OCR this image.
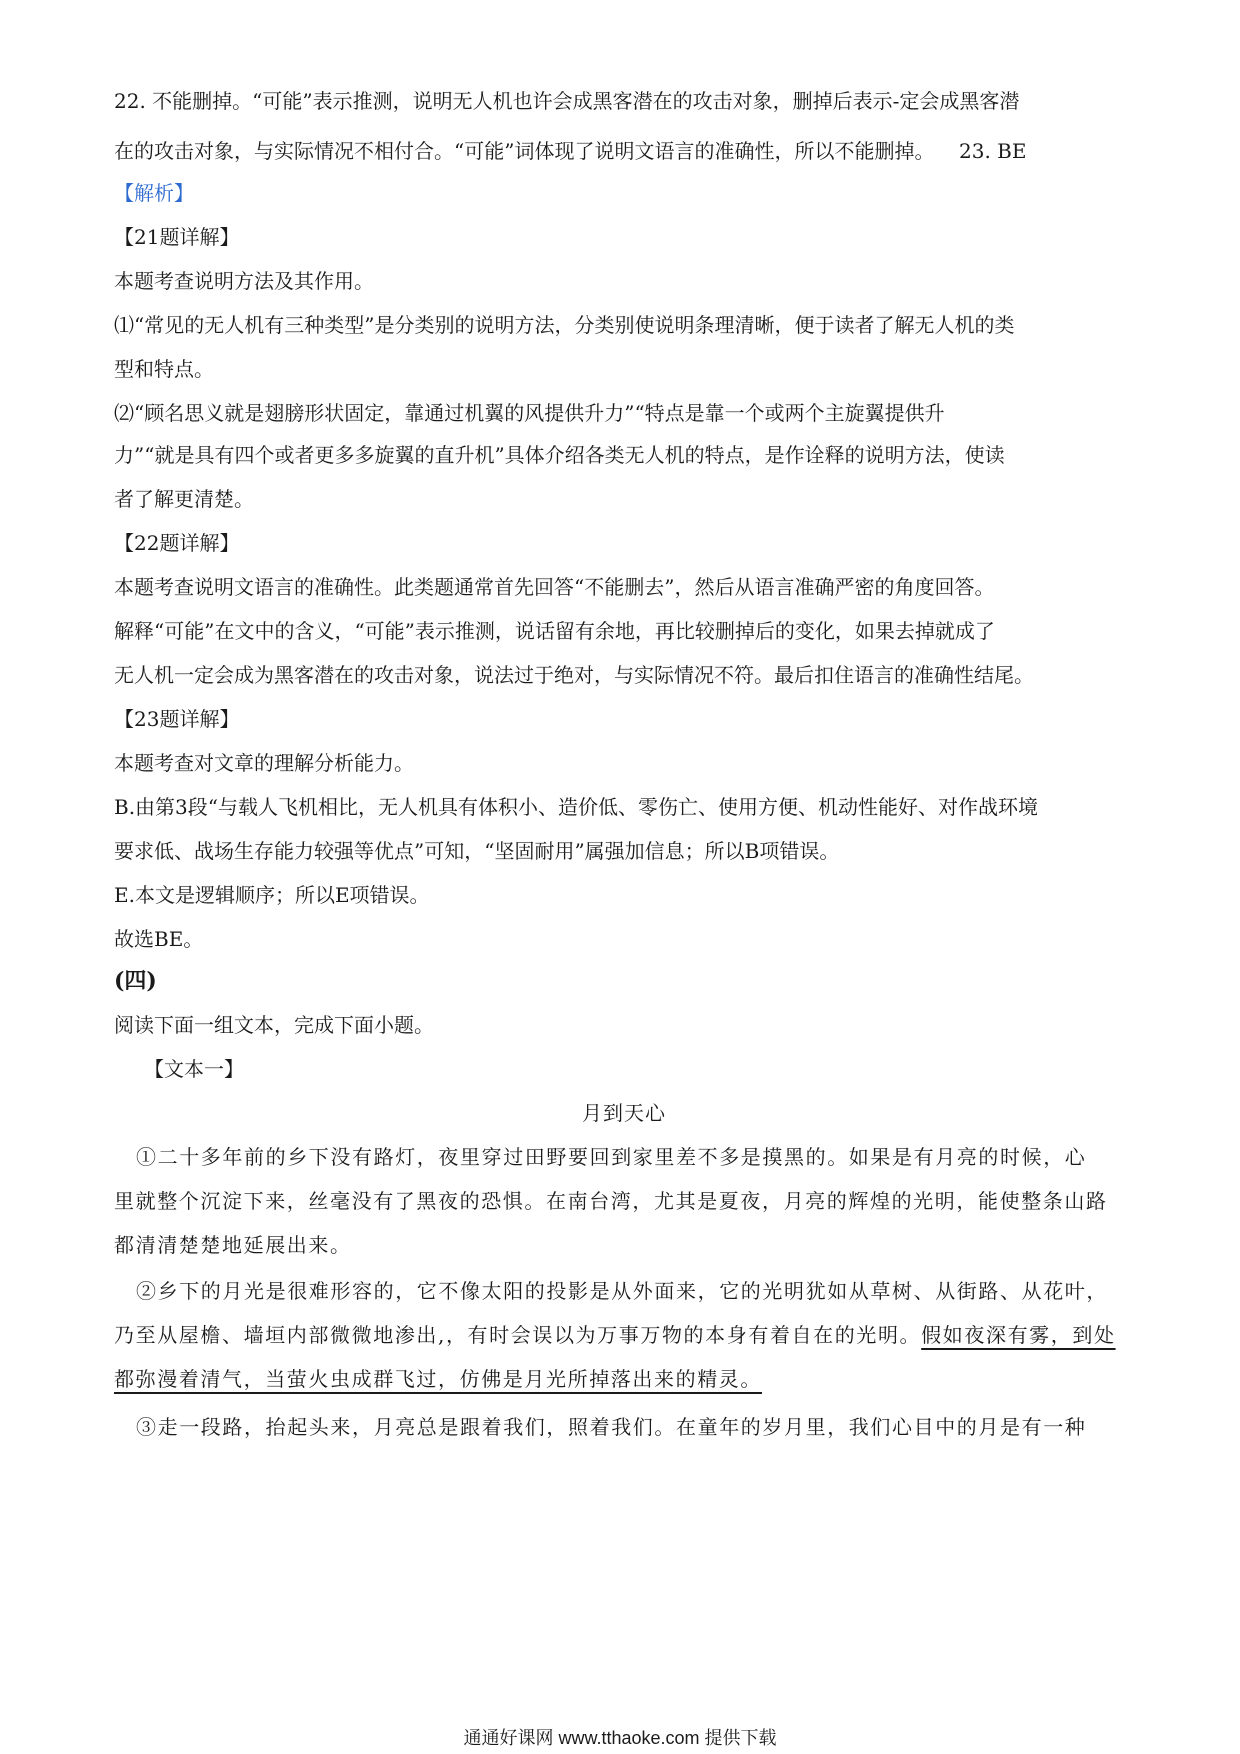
22. 不能删掉。“可能”表示推测，说明无人机也许会成黑客潜在的攻击对象，删掉后表示-定会成黑客潜
在的攻击对象，与实际情况不相付合。“可能”词体现了说明文语言的准确性，所以不能删掉。 23. BE
【解析】
【21题详解】
本题考查说明方法及其作用。
⑴“常见的无人机有三种类型”是分类别的说明方法，分类别使说明条理清晰，便于读者了解无人机的类
型和特点。
⑵“顾名思义就是翅膀形状固定，靠通过机翼的风提供升力”“特点是靠一个或两个主旋翼提供升
力”“就是具有四个或者更多多旋翼的直升机”具体介绍各类无人机的特点，是作诠释的说明方法，使读
者了解更清楚。
【22题详解】
本题考查说明文语言的准确性。此类题通常首先回答“不能删去”，然后从语言准确严密的角度回答。
解释“可能”在文中的含义，“可能”表示推测，说话留有余地，再比较删掉后的变化，如果去掉就成了
无人机一定会成为黑客潜在的攻击对象，说法过于绝对，与实际情况不符。最后扣住语言的准确性结尾。
【23题详解】
本题考查对文章的理解分析能力。
B.由第3段“与载人飞机相比，无人机具有体积小、造价低、零伤亡、使用方便、机动性能好、对作战环境
要求低、战场生存能力较强等优点”可知，“坚固耐用”属强加信息；所以B项错误。
E.本文是逻辑顺序；所以E项错误。
故选BE。
(四)
阅读下面一组文本，完成下面小题。
【文本一】
月到天心
①二十多年前的乡下没有路灯，夜里穿过田野要回到家里差不多是摸黑的。如果是有月亮的时候，心
里就整个沉淀下来，丝毫没有了黑夜的恐惧。在南台湾，尤其是夏夜，月亮的辉煌的光明，能使整条山路
都清清楚楚地延展出来。
②乡下的月光是很难形容的，它不像太阳的投影是从外面来，它的光明犹如从草树、从街路、从花叶，
乃至从屋檐、墙垣内部微微地渗出,，有时会误以为万事万物的本身有着自在的光明。假如夜深有雾，到处
都弥漫着清气，当萤火虫成群飞过，仿佛是月光所掉落出来的精灵。
③走一段路，抬起头来，月亮总是跟着我们，照着我们。在童年的岁月里，我们心目中的月是有一种
通通好课网 www.tthaoke.com 提供下载
